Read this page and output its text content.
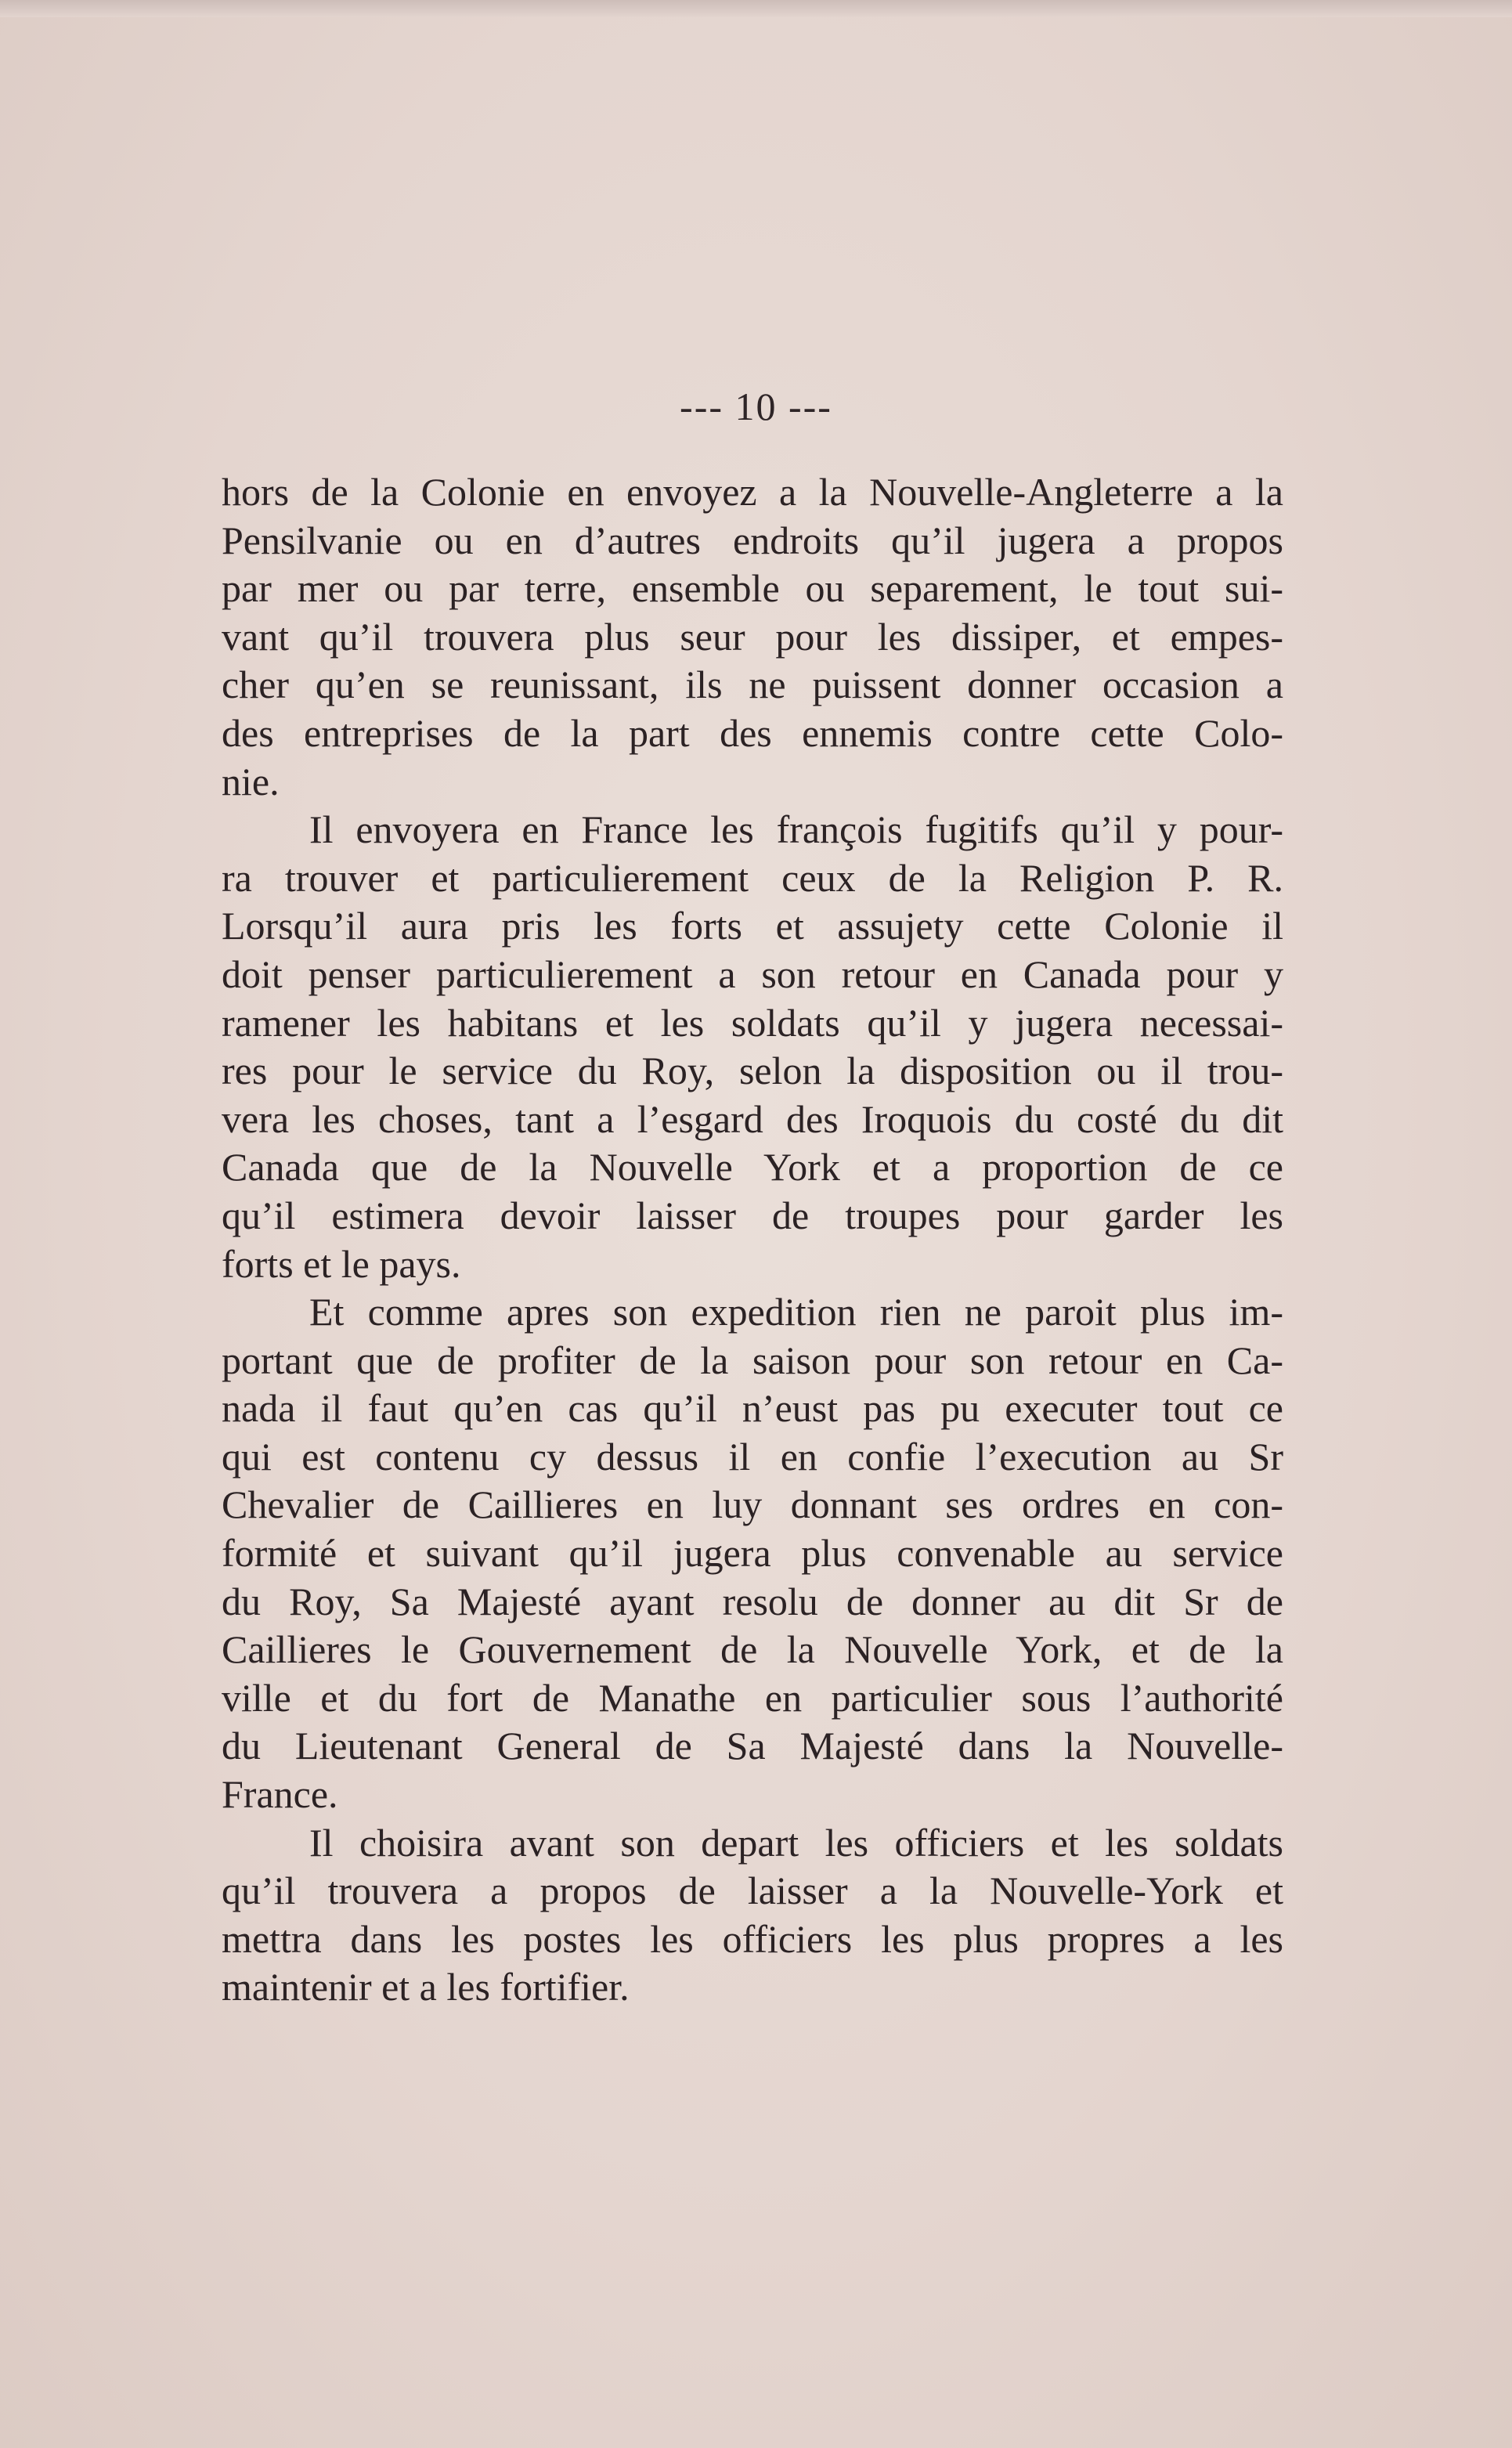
--- 10 ---
hors de la Colonie en envoyez a la Nouvelle-Angleterre a la
Pensilvanie ou en d’autres endroits qu’il jugera a propos
par mer ou par terre, ensemble ou separement, le tout sui-
vant qu’il trouvera plus seur pour les dissiper, et empes-
cher qu’en se reunissant, ils ne puissent donner occasion a
des entreprises de la part des ennemis contre cette Colo-
nie.
Il envoyera en France les françois fugitifs qu’il y pour-
ra trouver et particulierement ceux de la Religion P. R.
Lorsqu’il aura pris les forts et assujety cette Colonie il
doit penser particulierement a son retour en Canada pour y
ramener les habitans et les soldats qu’il y jugera necessai-
res pour le service du Roy, selon la disposition ou il trou-
vera les choses, tant a l’esgard des Iroquois du costé du dit
Canada que de la Nouvelle York et a proportion de ce
qu’il estimera devoir laisser de troupes pour garder les
forts et le pays.
Et comme apres son expedition rien ne paroit plus im-
portant que de profiter de la saison pour son retour en Ca-
nada il faut qu’en cas qu’il n’eust pas pu executer tout ce
qui est contenu cy dessus il en confie l’execution au Sr
Chevalier de Caillieres en luy donnant ses ordres en con-
formité et suivant qu’il jugera plus convenable au service
du Roy, Sa Majesté ayant resolu de donner au dit Sr de
Caillieres le Gouvernement de la Nouvelle York, et de la
ville et du fort de Manathe en particulier sous l’authorité
du Lieutenant General de Sa Majesté dans la Nouvelle-
France.
Il choisira avant son depart les officiers et les soldats
qu’il trouvera a propos de laisser a la Nouvelle-York et
mettra dans les postes les officiers les plus propres a les
maintenir et a les fortifier.
